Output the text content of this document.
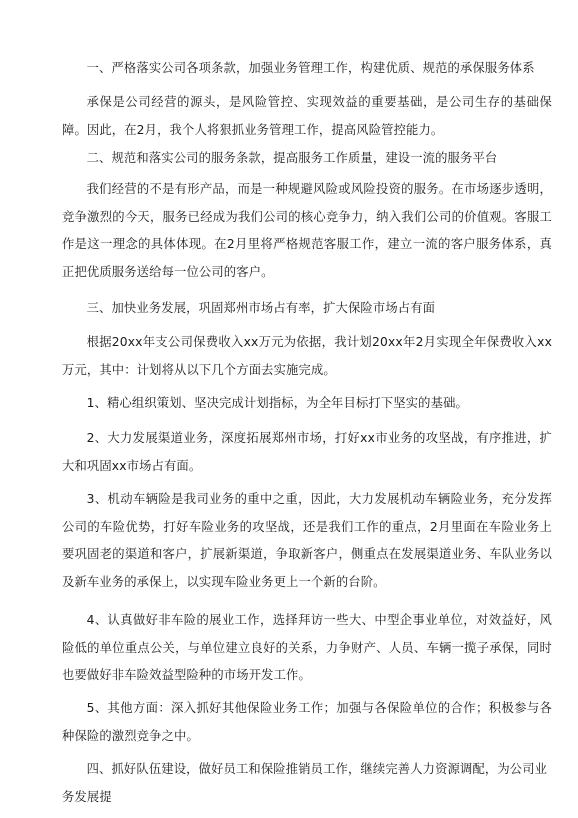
一、严格落实公司各项条款，加强业务管理工作，构建优质、规范的承保服务体系

承保是公司经营的源头，是风险管控、实现效益的重要基础，是公司生存的基础保障。因此，在2月，我个人将狠抓业务管理工作，提高风险管控能力。

二、规范和落实公司的服务条款，提高服务工作质量，建设一流的服务平台

我们经营的不是有形产品，而是一种规避风险或风险投资的服务。在市场逐步透明，竞争激烈的今天，服务已经成为我们公司的核心竞争力，纳入我们公司的价值观。客服工作是这一理念的具体体现。在2月里将严格规范客服工作，建立一流的客户服务体系，真正把优质服务送给每一位公司的客户。

三、加快业务发展，巩固郑州市场占有率，扩大保险市场占有面

根据20xx年支公司保费收入xx万元为依据，我计划20xx年2月实现全年保费收入xx万元，其中：计划将从以下几个方面去实施完成。

1、精心组织策划、坚决完成计划指标，为全年目标打下坚实的基础。

2、大力发展渠道业务，深度拓展郑州市场，打好xx市业务的攻坚战，有序推进，扩大和巩固xx市场占有面。

3、机动车辆险是我司业务的重中之重，因此，大力发展机动车辆险业务，充分发挥公司的车险优势，打好车险业务的攻坚战，还是我们工作的重点，2月里面在车险业务上要巩固老的渠道和客户，扩展新渠道，争取新客户，侧重点在发展渠道业务、车队业务以及新车业务的承保上，以实现车险业务更上一个新的台阶。

4、认真做好非车险的展业工作，选择拜访一些大、中型企事业单位，对效益好，风险低的单位重点公关，与单位建立良好的关系，力争财产、人员、车辆一揽子承保，同时也要做好非车险效益型险种的市场开发工作。

5、其他方面：深入抓好其他保险业务工作；加强与各保险单位的合作；积极参与各种保险的激烈竞争之中。

四、抓好队伍建设，做好员工和保险推销员工作，继续完善人力资源调配，为公司业务发展提
